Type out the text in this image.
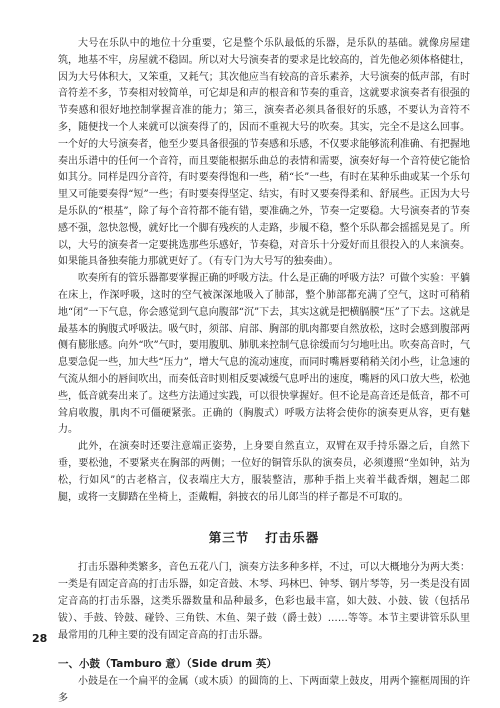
大号在乐队中的地位十分重要，它是整个乐队最低的乐器，是乐队的基础。就像房屋建筑，地基不牢，房屋就不稳固。所以对大号演奏者的要求是比较高的，首先他必须体格健壮，因为大号体积大，又笨重，又耗气；其次他应当有较高的音乐素养，大号演奏的低声部，有时音符差不多，节奏相对较简单，可它却是和声的根音和节奏的重音，这就要求演奏者有很强的节奏感和很好地控制掌握音准的能力；第三，演奏者必须具备很好的乐感，不要认为音符不多，随便找一个人来就可以演奏得了的，因而不重视大号的吹奏。其实，完全不是这么回事。一个好的大号演奏者，他至少要具备很强的节奏感和乐感，不仅要求能够流利准确、有把握地奏出乐谱中的任何一个音符，而且要能根据乐曲总的表情和需要，演奏好每一个音符使它能恰如其分。同样是四分音符，有时要奏得饱和一些，稍“长”一些，有时在某种乐曲或某一个乐句里又可能要奏得“短”一些；有时要奏得坚定、结实，有时又要奏得柔和、舒展些。正因为大号是乐队的“根基”，除了每个音符都不能有错，要准确之外，节奏一定要稳。大号演奏者的节奏感不强，忽快忽慢，就好比一个脚有残疾的人走路，步履不稳，整个乐队都会摇摇晃晃了。所以，大号的演奏者一定要挑选那些乐感好，节奏稳，对音乐十分爱好而且很投入的人来演奏。如果能具备独奏能力那就更好了。（有专门为大号写的独奏曲）。

吹奏所有的管乐器都要掌握正确的呼吸方法。什么是正确的呼吸方法？可做个实验：平躺在床上，作深呼吸，这时的空气被深深地吸入了肺部，整个肺部都充满了空气，这时可稍稍地“闭”一下气息，你会感觉到气息向腹部“沉”下去，其实这就是把横膈膜“压”了下去。这就是最基本的胸腹式呼吸法。吸气时，须部、肩部、胸部的肌肉都要自然放松，这时会感到腹部两侧有膨胀感。向外“吹”气时，要用腹肌、肺肌来控制气息徐缓而匀匀地吐出。吹奏高音时，气息要急促一些，加大些“压力”，增大气息的流动速度，而同时嘴唇要稍稍关闭小些，让急速的气流从细小的唇间吹出，而奏低音时则相反要减缓气息呼出的速度，嘴唇的风口放大些，松弛些，低音就奏出来了。这些方法通过实践，可以很快掌握好。但不论是高音还是低音，都不可耸肩收腹，肌肉不可僵硬紧张。正确的（胸腹式）呼吸方法将会使你的演奏更从容，更有魅力。

此外，在演奏时还要注意端正姿势，上身要自然直立，双臂在双手持乐器之后，自然下垂，要松弛，不要紧夹在胸部的两侧；一位好的铜管乐队的演奏员，必须遵照“坐如钟，站为松，行如风”的古老格言，仪表端庄大方，服装整洁，那种手指上夹着半截香烟，翘起二郎腿，或将一支脚踏在坐椅上，歪戴帽，斜披衣的吊儿郎当的样子都是不可取的。

第三节 打击乐器

打击乐器种类繁多，音色五花八门，演奏方法多种多样，不过，可以大概地分为两大类：一类是有固定音高的打击乐器，如定音鼓、木琴、玛林巴、钟琴、钢片琴等，另一类是没有固定音高的打击乐器，这类乐器数量和品种最多，色彩也最丰富，如大鼓、小鼓、钹（包括吊钹）、手鼓、铃鼓、碰铃、三角铁、木鱼、架子鼓（爵士鼓）……等等。本节主要讲管乐队里最常用的几种主要的没有固定音高的打击乐器。

一、小鼓（Tamburo 意）（Side drum 英）

小鼓是在一个扁平的金属（或木质）的圆筒的上、下两面蒙上鼓皮，用两个箍框周围的许多

28
